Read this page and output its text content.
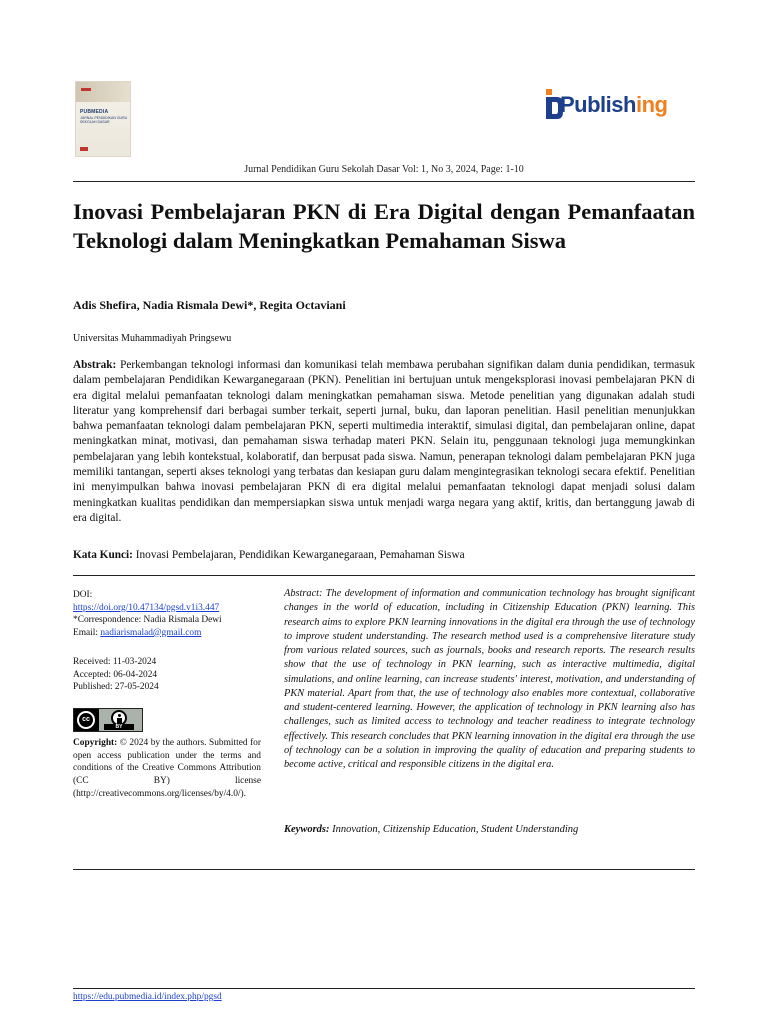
PUBMEDIA
JURNAL PENDIDIKAN GURU SEKOLAH DASAR
Publishing
Jurnal Pendidikan Guru Sekolah Dasar Vol: 1, No 3, 2024, Page: 1-10
Inovasi Pembelajaran PKN di Era Digital dengan Pemanfaatan Teknologi dalam Meningkatkan Pemahaman Siswa
Adis Shefira, Nadia Rismala Dewi*, Regita Octaviani
Universitas Muhammadiyah Pringsewu
Abstrak: Perkembangan teknologi informasi dan komunikasi telah membawa perubahan signifikan dalam dunia pendidikan, termasuk dalam pembelajaran Pendidikan Kewarganegaraan (PKN). Penelitian ini bertujuan untuk mengeksplorasi inovasi pembelajaran PKN di era digital melalui pemanfaatan teknologi dalam meningkatkan pemahaman siswa. Metode penelitian yang digunakan adalah studi literatur yang komprehensif dari berbagai sumber terkait, seperti jurnal, buku, dan laporan penelitian. Hasil penelitian menunjukkan bahwa pemanfaatan teknologi dalam pembelajaran PKN, seperti multimedia interaktif, simulasi digital, dan pembelajaran online, dapat meningkatkan minat, motivasi, dan pemahaman siswa terhadap materi PKN. Selain itu, penggunaan teknologi juga memungkinkan pembelajaran yang lebih kontekstual, kolaboratif, dan berpusat pada siswa. Namun, penerapan teknologi dalam pembelajaran PKN juga memiliki tantangan, seperti akses teknologi yang terbatas dan kesiapan guru dalam mengintegrasikan teknologi secara efektif. Penelitian ini menyimpulkan bahwa inovasi pembelajaran PKN di era digital melalui pemanfaatan teknologi dapat menjadi solusi dalam meningkatkan kualitas pendidikan dan mempersiapkan siswa untuk menjadi warga negara yang aktif, kritis, dan bertanggung jawab di era digital.
Kata Kunci: Inovasi Pembelajaran, Pendidikan Kewarganegaraan, Pemahaman Siswa
DOI:
https://doi.org/10.47134/pgsd.v1i3.447
*Correspondence: Nadia Rismala Dewi
Email: nadiarismalad@gmail.com
Received: 11-03-2024
Accepted: 06-04-2024
Published: 27-05-2024
cc
BY
Copyright: © 2024 by the authors. Submitted for open access publication under the terms and conditions of the Creative Commons Attribution (CC BY) license (http://creativecommons.org/licenses/by/4.0/).
Abstract: The development of information and communication technology has brought significant changes in the world of education, including in Citizenship Education (PKN) learning. This research aims to explore PKN learning innovations in the digital era through the use of technology to improve student understanding. The research method used is a comprehensive literature study from various related sources, such as journals, books and research reports. The research results show that the use of technology in PKN learning, such as interactive multimedia, digital simulations, and online learning, can increase students' interest, motivation, and understanding of PKN material. Apart from that, the use of technology also enables more contextual, collaborative and student-centered learning. However, the application of technology in PKN learning also has challenges, such as limited access to technology and teacher readiness to integrate technology effectively. This research concludes that PKN learning innovation in the digital era through the use of technology can be a solution in improving the quality of education and preparing students to become active, critical and responsible citizens in the digital era.
Keywords: Innovation, Citizenship Education, Student Understanding
https://edu.pubmedia.id/index.php/pgsd
